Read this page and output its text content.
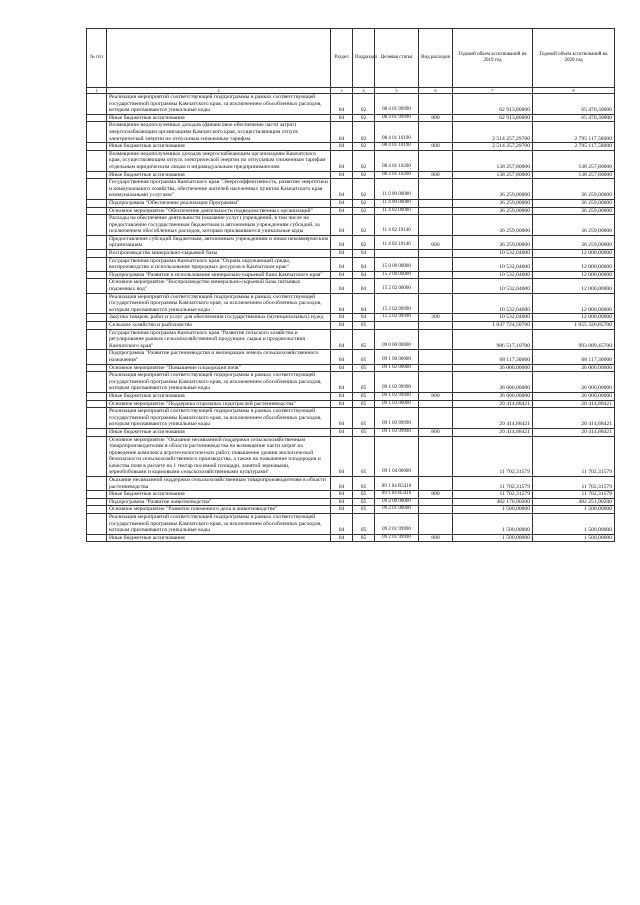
№ п/п		Раздел	Подраздел	Целевая статья	Вид расходов	Годовой объем ассигнований на 2019 год	Годовой объем ассигнований на 2020 год
1	2	3	4	5	6	7	8
	Реализация мероприятий соответствующей подпрограммы в рамках соответствующей государственной программы Камчатского края, за исключением обособленных расходов, которым присваиваются уникальные коды	04	02	08 4 01 99990		62 913,80000	65 470,30000
	Иные бюджетные ассигнования	04	02	08 4 01 99990	800	62 913,80000	65 470,30000
	Возмещение недополученных доходов (финансовое обеспечение части затрат) энергоснабжающим организациям Камчатского края, осуществляющим отпуск электрической энергии по отпускным сниженным тарифам	04	02	08 4 01 10190		2 514 257,29700	2 795 117,58000
	Иные бюджетные ассигнования	04	02	08 4 01 10190	800	2 514 257,29700	2 795 117,58000
	Возмещение недополученных доходов энергоснабжающим организациям Камчатского края, осуществляющим отпуск электрической энергии по отпускным сниженным тарифам отдельным юридическим лицам и индивидуальным предпринимателям	04	02	08 4 01 10200		138 257,80000	138 257,80000
	Иные бюджетные ассигнования	04	02	08 4 01 10200	800	138 257,80000	138 257,80000
	Государственная программа Камчатского края "Энергоэффективность, развитие энергетики и коммунального хозяйства, обеспечение жителей населенных пунктов Камчатского края коммунальными услугами"	04	02	11 0 00 00000		36 259,00000	36 259,00000
	Подпрограмма "Обеспечение реализации Программы"	04	02	11 4 00 00000		36 259,00000	36 259,00000
	Основное мероприятие "Обеспечение деятельности подведомственных организаций"	04	02	11 4 02 00000		36 259,00000	36 259,00000
	Расходы на обеспечение деятельности (оказание услуг) учреждений, в том числе на предоставление государственным бюджетным и автономным учреждениям субсидий, за исключением обособленных расходов, которым присваиваются уникальные коды	04	02	11 4 02 10140		36 259,00000	36 259,00000
	Предоставление субсидий бюджетным, автономным учреждениям и иным некоммерческим организациям	04	02	11 4 02 10140	600	36 259,00000	36 259,00000
	Воспроизводство минерально-сырьевой базы	04	04			10 532,04600	12 000,00000
	Государственная программа Камчатского края "Охрана окружающей среды, воспроизводство и использование природных ресурсов в Камчатском крае"	04	04	15 0 00 00000		10 532,04600	12 000,00000
	Подпрограмма "Развитие и использование минерально-сырьевой базы Камчатского края"	04	04	15 2 00 00000		10 532,04600	12 000,00000
	Основное мероприятие "Воспроизводство минерально-сырьевой базы питьевых подземных вод"	04	04	15 2 02 00000		10 532,04600	12 000,00000
	Реализация мероприятий соответствующей подпрограммы в рамках соответствующей государственной программы Камчатского края, за исключением обособленных расходов, которым присваиваются уникальные коды	04	04	15 2 02 99990		10 532,04600	12 000,00000
	Закупка товаров, работ и услуг для обеспечения государственных (муниципальных) нужд	04	04	15 2 02 99990	200	10 532,04600	12 000,00000
	Сельское хозяйство и рыболовство	04	05			1 047 724,50700	1 055 326,85700
	Государственная программа Камчатского края "Развитие сельского хозяйства и регулирование рынков сельскохозяйственной продукции, сырья и продовольствия Камчатского края"	04	05	09 0 00 00000		986 517,10700	993 089,45700
	Подпрограмма "Развитие растениеводства и мелиорации земель сельскохозяйственного назначения"	04	05	09 1 00 00000		68 117,30000	68 117,30000
	Основное мероприятие "Повышение плодородия почв"	04	05	09 1 02 00000		36 000,00000	36 000,00000
	Реализация мероприятий соответствующей подпрограммы в рамках соответствующей государственной программы Камчатского края, за исключением обособленных расходов, которым присваиваются уникальные коды	04	05	09 1 02 99990		36 000,00000	36 000,00000
	Иные бюджетные ассигнования	04	05	09 1 02 99990	800	36 000,00000	36 000,00000
	Основное мероприятие "Поддержка отдельных подотраслей растениеводства"	04	05	09 1 03 00000		20 414,88421	20 414,88421
	Реализация мероприятий соответствующей подпрограммы в рамках соответствующей государственной программы Камчатского края, за исключением обособленных расходов, которым присваиваются уникальные коды	04	05	09 1 03 99990		20 414,88421	20 414,88421
	Иные бюджетные ассигнования	04	05	09 1 03 99990	800	20 414,88421	20 414,88421
	Основное мероприятие "Оказание несвязанной поддержки сельскохозяйственным товаропроизводителям в области растениеводства на возмещение части затрат на проведение комплекса агротехнологических работ, повышение уровня экологической безопасности сельскохозяйственного производства, а также на повышение плодородия и качества почв в расчете на 1 гектар посевной площади, занятой зерновыми, зернобобовыми и кормовыми сельскохозяйственными культурами"	04	05	09 1 04 00000		11 702,31579	11 702,31579
	Оказание несвязанной поддержки сельскохозяйственным товаропроизводителям в области растениеводства	04	05	09 1 04 R5410		11 702,31579	11 702,31579
	Иные бюджетные ассигнования	04	05	09 1 04 R5410	800	11 702,31579	11 702,31579
	Подпрограмма "Развитие животноводства"	04	05	09 2 00 00000		482 176,90200	482 251,90200
	Основное мероприятие "Развитие племенного дела в животноводстве"	04	05	09 2 01 00000		1 500,00000	1 500,00000
	Реализация мероприятий соответствующей подпрограммы в рамках соответствующей государственной программы Камчатского края, за исключением обособленных расходов, которым присваиваются уникальные коды	04	05	09 2 01 99990		1 500,00000	1 500,00000
	Иные бюджетные ассигнования	04	05	09 2 01 99990	800	1 500,00000	1 500,00000
